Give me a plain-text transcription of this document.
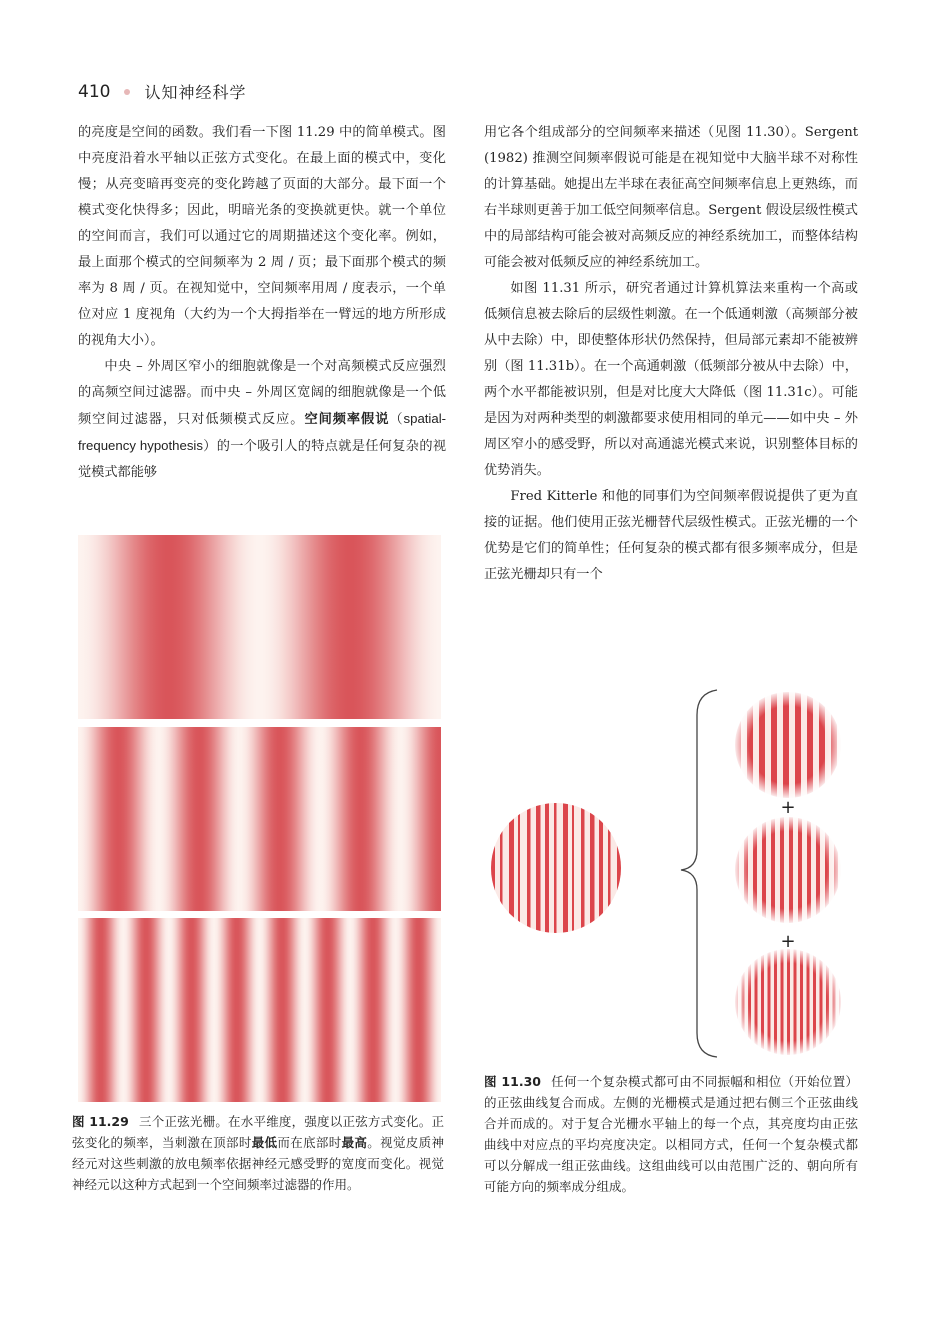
410 认知神经科学

的亮度是空间的函数。我们看一下图 11.29 中的简单模式。图中亮度沿着水平轴以正弦方式变化。在最上面的模式中，变化慢；从亮变暗再变亮的变化跨越了页面的大部分。最下面一个模式变化快得多；因此，明暗光条的变换就更快。就一个单位的空间而言，我们可以通过它的周期描述这个变化率。例如，最上面那个模式的空间频率为 2 周 / 页；最下面那个模式的频率为 8 周 / 页。在视知觉中，空间频率用周 / 度表示，一个单位对应 1 度视角（大约为一个大拇指举在一臂远的地方所形成的视角大小）。

中央 – 外周区窄小的细胞就像是一个对高频模式反应强烈的高频空间过滤器。而中央 – 外周区宽阔的细胞就像是一个低频空间过滤器，只对低频模式反应。空间频率假说（spatial-frequency hypothesis）的一个吸引人的特点就是任何复杂的视觉模式都能够

图 11.29 三个正弦光栅。在水平维度，强度以正弦方式变化。正弦变化的频率，当刺激在顶部时最低而在底部时最高。视觉皮质神经元对这些刺激的放电频率依据神经元感受野的宽度而变化。视觉神经元以这种方式起到一个空间频率过滤器的作用。

用它各个组成部分的空间频率来描述（见图 11.30）。Sergent (1982) 推测空间频率假说可能是在视知觉中大脑半球不对称性的计算基础。她提出左半球在表征高空间频率信息上更熟练，而右半球则更善于加工低空间频率信息。Sergent 假设层级性模式中的局部结构可能会被对高频反应的神经系统加工，而整体结构可能会被对低频反应的神经系统加工。

如图 11.31 所示，研究者通过计算机算法来重构一个高或低频信息被去除后的层级性刺激。在一个低通刺激（高频部分被从中去除）中，即使整体形状仍然保持，但局部元素却不能被辨别（图 11.31b）。在一个高通刺激（低频部分被从中去除）中，两个水平都能被识别，但是对比度大大降低（图 11.31c）。可能是因为对两种类型的刺激都要求使用相同的单元——如中央 – 外周区窄小的感受野，所以对高通滤光模式来说，识别整体目标的优势消失。

Fred Kitterle 和他的同事们为空间频率假说提供了更为直接的证据。他们使用正弦光栅替代层级性模式。正弦光栅的一个优势是它们的简单性；任何复杂的模式都有很多频率成分，但是正弦光栅却只有一个

+
+
图 11.30 任何一个复杂模式都可由不同振幅和相位（开始位置）的正弦曲线复合而成。左侧的光栅模式是通过把右侧三个正弦曲线合并而成的。对于复合光栅水平轴上的每一个点，其亮度均由正弦曲线中对应点的平均亮度决定。以相同方式，任何一个复杂模式都可以分解成一组正弦曲线。这组曲线可以由范围广泛的、朝向所有可能方向的频率成分组成。
